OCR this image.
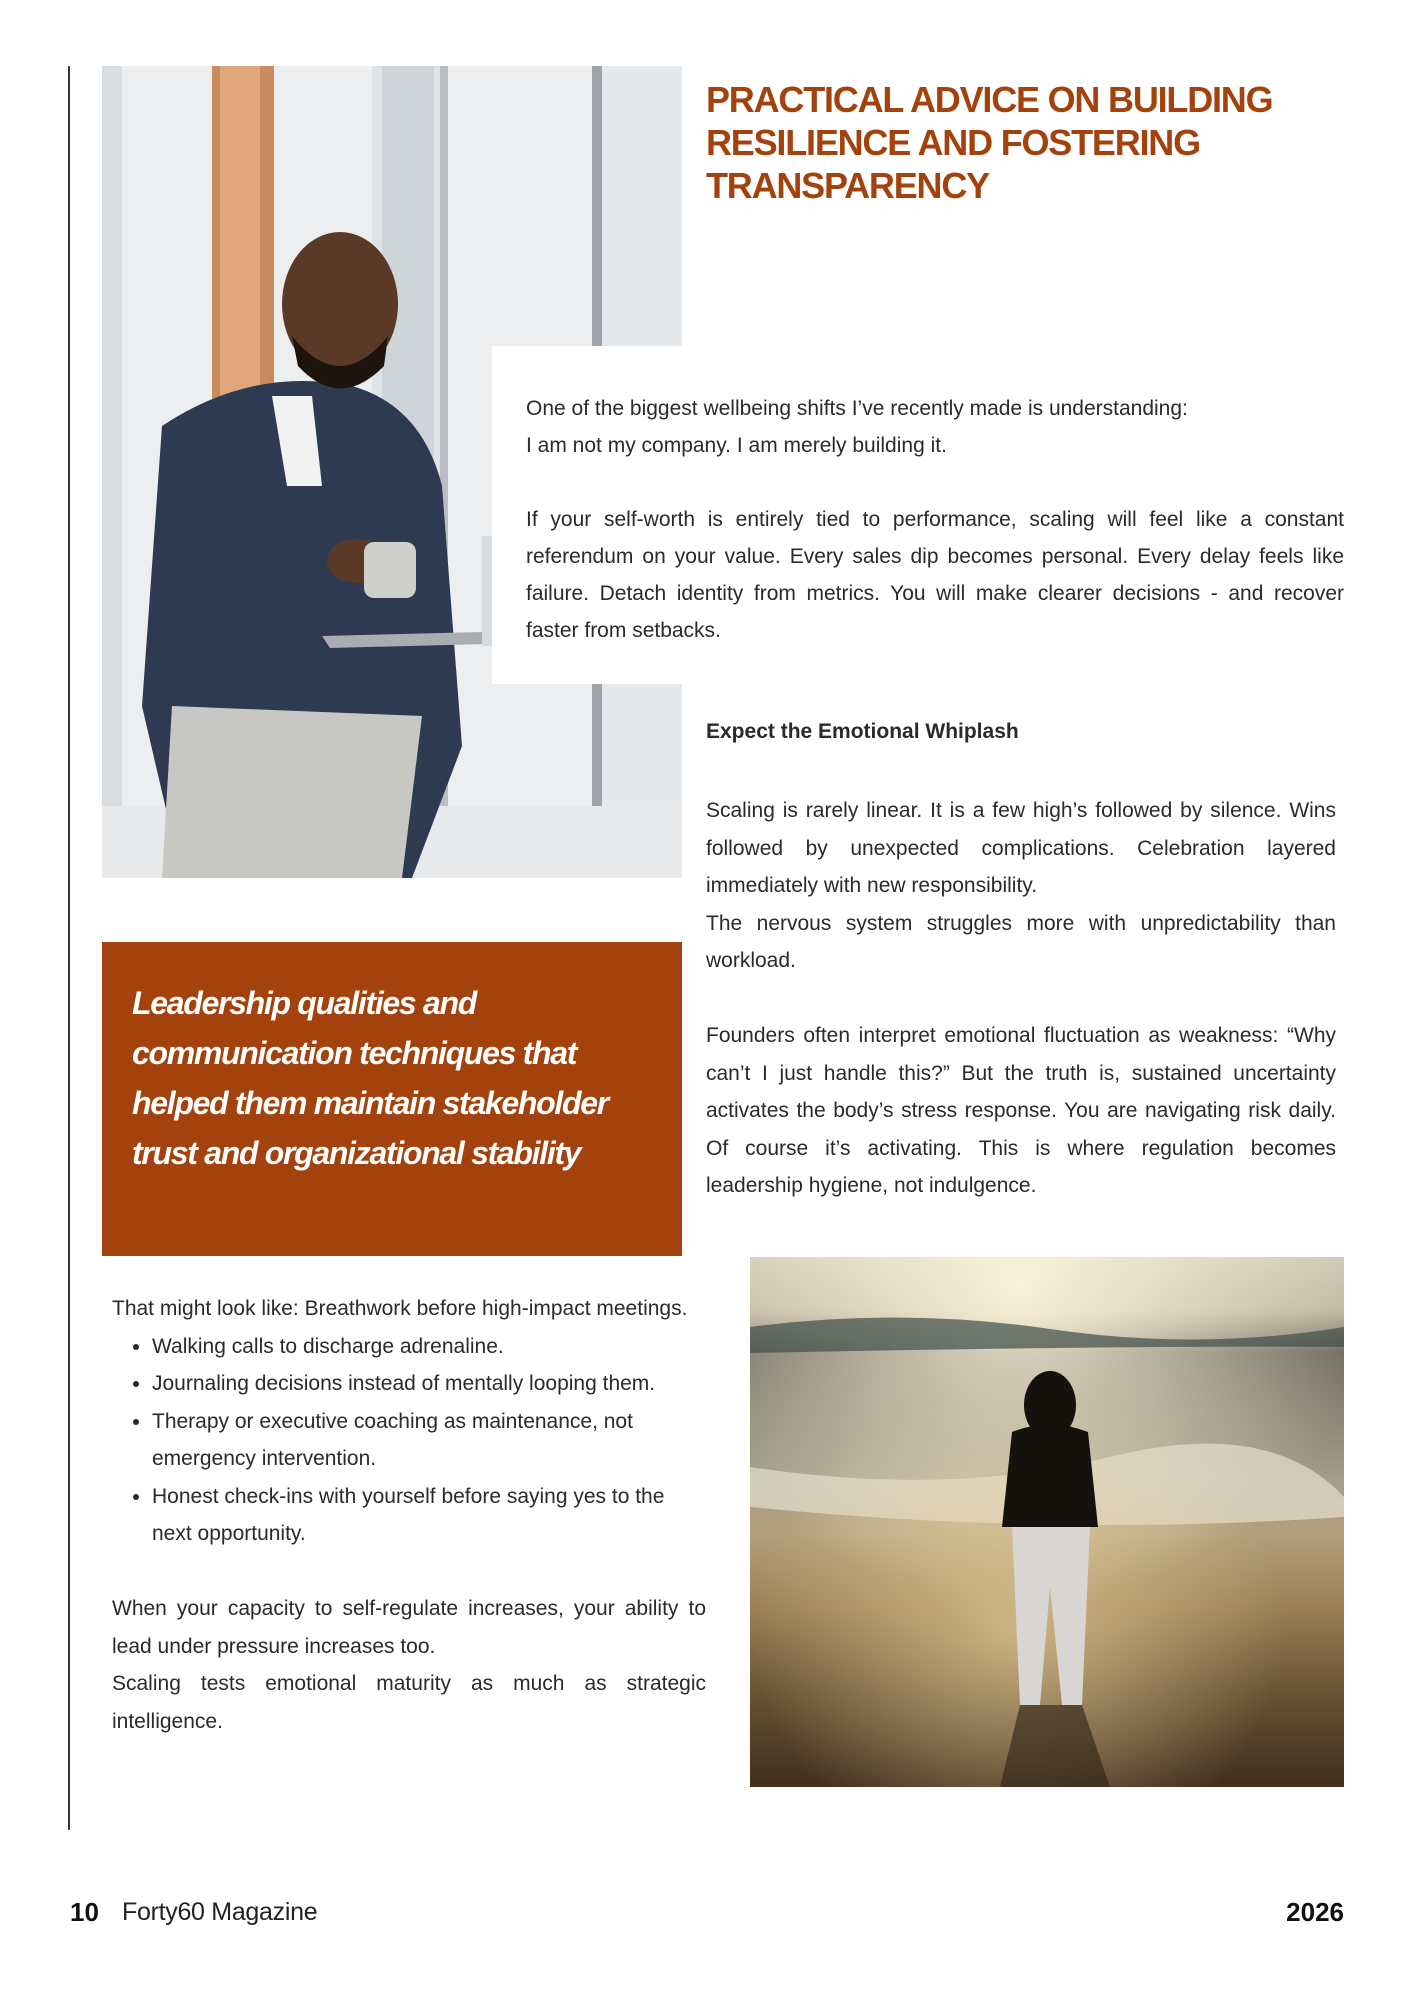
PRACTICAL ADVICE ON BUILDING RESILIENCE AND FOSTERING TRANSPARENCY

One of the biggest wellbeing shifts I’ve recently made is understanding:

I am not my company. I am merely building it.

If your self-worth is entirely tied to performance, scaling will feel like a constant referendum on your value. Every sales dip becomes personal. Every delay feels like failure. Detach identity from metrics. You will make clearer decisions - and recover faster from setbacks.

Expect the Emotional Whiplash

Scaling is rarely linear. It is a few high’s followed by silence. Wins followed by unexpected complications. Celebration layered immediately with new responsibility.

The nervous system struggles more with unpredictability than workload.

Founders often interpret emotional fluctuation as weakness: “Why can’t I just handle this?” But the truth is, sustained uncertainty activates the body’s stress response. You are navigating risk daily. Of course it’s activating. This is where regulation becomes leadership hygiene, not indulgence.

Leadership qualities and communication techniques that helped them maintain stakeholder trust and organizational stability

That might look like: Breathwork before high-impact meetings.

• Walking calls to discharge adrenaline.
• Journaling decisions instead of mentally looping them.
• Therapy or executive coaching as maintenance, not emergency intervention.
• Honest check-ins with yourself before saying yes to the next opportunity.

When your capacity to self-regulate increases, your ability to lead under pressure increases too.

Scaling tests emotional maturity as much as strategic intelligence.

10 Forty60 Magazine	2026
